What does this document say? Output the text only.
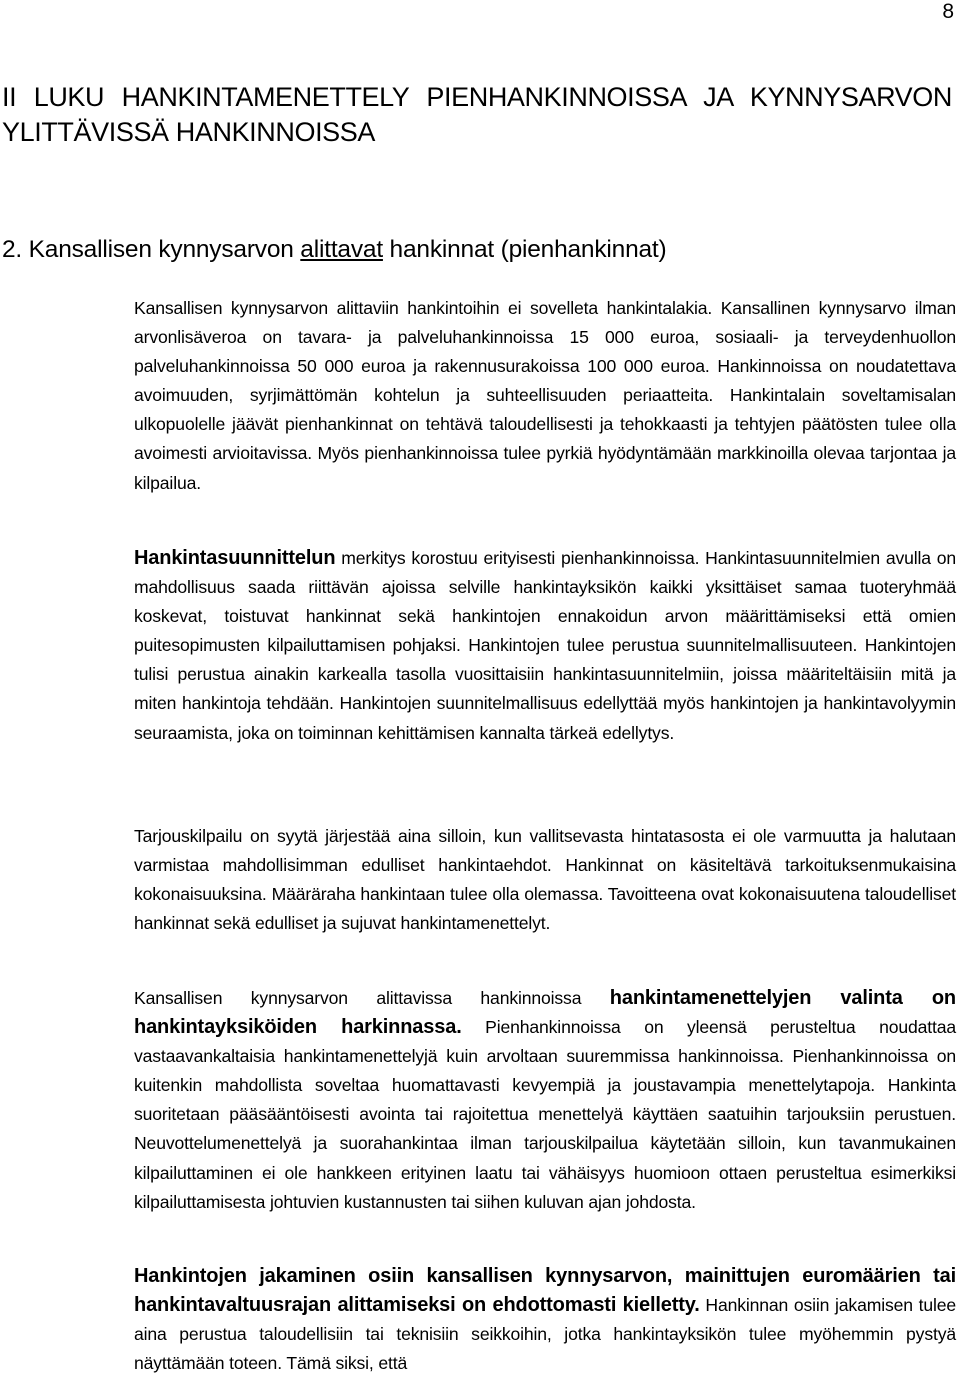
8
II LUKU HANKINTAMENETTELY PIENHANKINNOISSA JA KYNNYSARVON YLITTÄVISSÄ HANKINNOISSA
2. Kansallisen kynnysarvon alittavat hankinnat (pienhankinnat)

Kansallisen kynnysarvon alittaviin hankintoihin ei sovelleta hankintalakia. Kansallinen kynnysarvo ilman arvonlisäveroa on tavara- ja palveluhankinnoissa 15 000 euroa, sosiaali- ja terveydenhuollon palveluhankinnoissa 50 000 euroa ja rakennusurakoissa 100 000 euroa. Hankinnoissa on noudatettava avoimuuden, syrjimättömän kohtelun ja suhteellisuuden periaatteita. Hankintalain soveltamisalan ulkopuolelle jäävät pienhankinnat on tehtävä taloudellisesti ja tehokkaasti ja tehtyjen päätösten tulee olla avoimesti arvioitavissa. Myös pienhankinnoissa tulee pyrkiä hyödyntämään markkinoilla olevaa tarjontaa ja kilpailua.

Hankintasuunnittelun merkitys korostuu erityisesti pienhankinnoissa. Hankintasuunnitelmien avulla on mahdollisuus saada riittävän ajoissa selville hankintayksikön kaikki yksittäiset samaa tuoteryhmää koskevat, toistuvat hankinnat sekä hankintojen ennakoidun arvon määrittämiseksi että omien puitesopimusten kilpailuttamisen pohjaksi. Hankintojen tulee perustua suunnitelmallisuuteen. Hankintojen tulisi perustua ainakin karkealla tasolla vuosittaisiin hankintasuunnitelmiin, joissa määriteltäisiin mitä ja miten hankintoja tehdään. Hankintojen suunnitelmallisuus edellyttää myös hankintojen ja hankintavolyymin seuraamista, joka on toiminnan kehittämisen kannalta tärkeä edellytys.

Tarjouskilpailu on syytä järjestää aina silloin, kun vallitsevasta hintatasosta ei ole varmuutta ja halutaan varmistaa mahdollisimman edulliset hankintaehdot. Hankinnat on käsiteltävä tarkoituksenmukaisina kokonaisuuksina. Määräraha hankintaan tulee olla olemassa. Tavoitteena ovat kokonaisuutena taloudelliset hankinnat sekä edulliset ja sujuvat hankintamenettelyt.

Kansallisen kynnysarvon alittavissa hankinnoissa hankintamenettelyjen valinta on hankintayksiköiden harkinnassa. Pienhankinnoissa on yleensä perusteltua noudattaa vastaavankaltaisia hankintamenettelyjä kuin arvoltaan suuremmissa hankinnoissa. Pienhankinnoissa on kuitenkin mahdollista soveltaa huomattavasti kevyempiä ja joustavampia menettelytapoja. Hankinta suoritetaan pääsääntöisesti avointa tai rajoitettua menettelyä käyttäen saatuihin tarjouksiin perustuen. Neuvottelumenettelyä ja suorahankintaa ilman tarjouskilpailua käytetään silloin, kun tavanmukainen kilpailuttaminen ei ole hankkeen erityinen laatu tai vähäisyys huomioon ottaen perusteltua esimerkiksi kilpailuttamisesta johtuvien kustannusten tai siihen kuluvan ajan johdosta.

Hankintojen jakaminen osiin kansallisen kynnysarvon, mainittujen euromäärien tai hankintavaltuusrajan alittamiseksi on ehdottomasti kielletty. Hankinnan osiin jakamisen tulee aina perustua taloudellisiin tai teknisiin seikkoihin, jotka hankintayksikön tulee myöhemmin pystyä näyttämään toteen. Tämä siksi, että
